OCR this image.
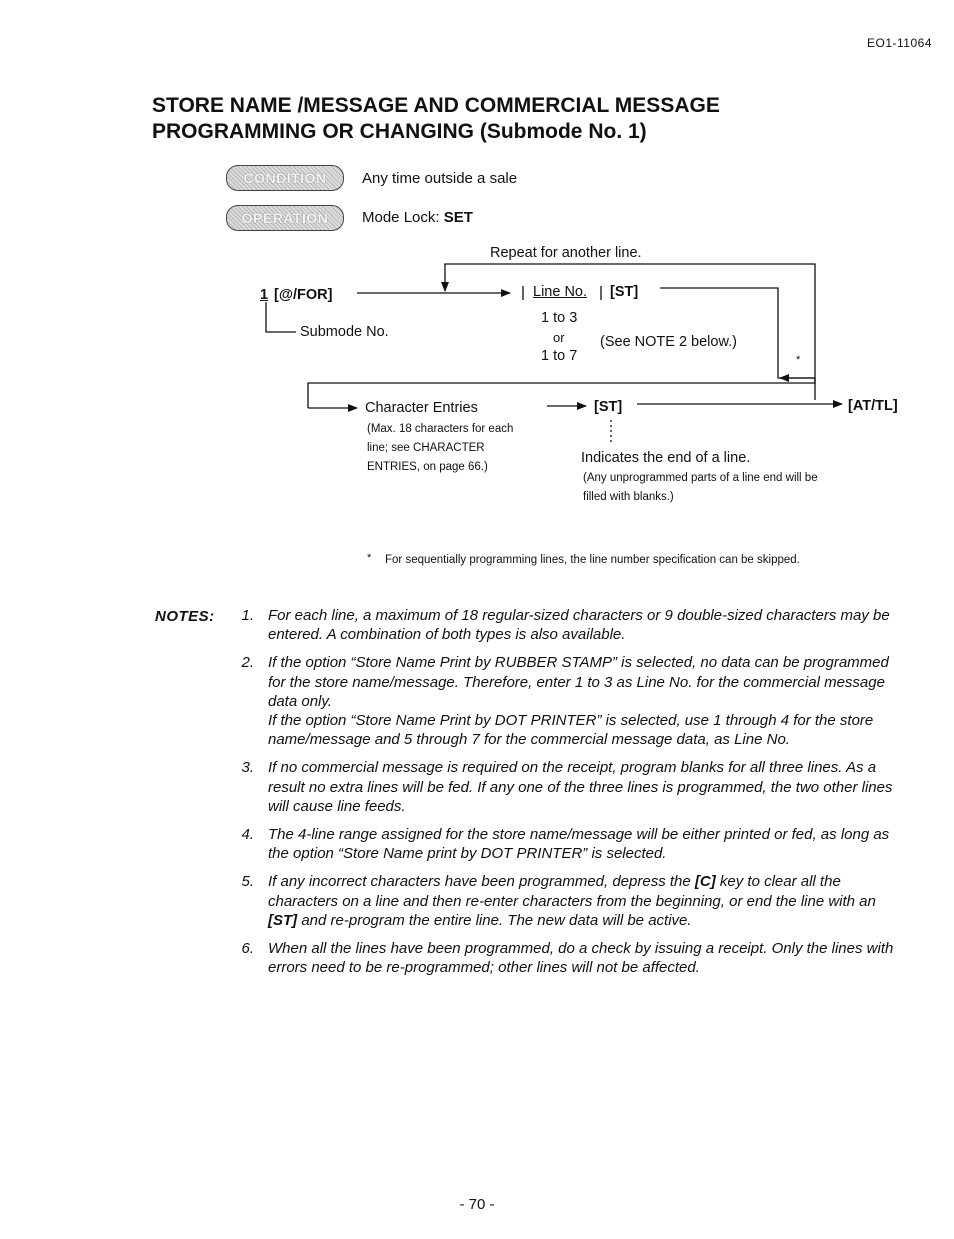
EO1-11064
STORE NAME /MESSAGE AND COMMERCIAL MESSAGE
PROGRAMMING OR CHANGING (Submode No. 1)
CONDITION	Any time outside a sale
OPERATION	Mode Lock: SET
Repeat for another line.
1 [@/FOR]
Submode No.
Line No. [ST]
1 to 3
or
1 to 7
(See NOTE 2 below.)
*
Character Entries
(Max. 18 characters for each
line; see CHARACTER
ENTRIES, on page 66.)
[ST]	[AT/TL]
Indicates the end of a line.
(Any unprogrammed parts of a line end will be
filled with blanks.)
* For sequentially programming lines, the line number specification can be skipped.
NOTES:	1. For each line, a maximum of 18 regular-sized characters or 9 double-sized characters may be entered. A combination of both types is also available.
2. If the option “Store Name Print by RUBBER STAMP” is selected, no data can be programmed for the store name/message. Therefore, enter 1 to 3 as Line No. for the commercial message data only.
If the option “Store Name Print by DOT PRINTER” is selected, use 1 through 4 for the store name/message and 5 through 7 for the commercial message data, as Line No.
3. If no commercial message is required on the receipt, program blanks for all three lines. As a result no extra lines will be fed. If any one of the three lines is programmed, the two other lines will cause line feeds.
4. The 4-line range assigned for the store name/message will be either printed or fed, as long as the option “Store Name print by DOT PRINTER” is selected.
5. If any incorrect characters have been programmed, depress the [C] key to clear all the characters on a line and then re-enter characters from the beginning, or end the line with an [ST] and re-program the entire line. The new data will be active.
6. When all the lines have been programmed, do a check by issuing a receipt. Only the lines with errors need to be re-programmed; other lines will not be affected.
- 70 -
